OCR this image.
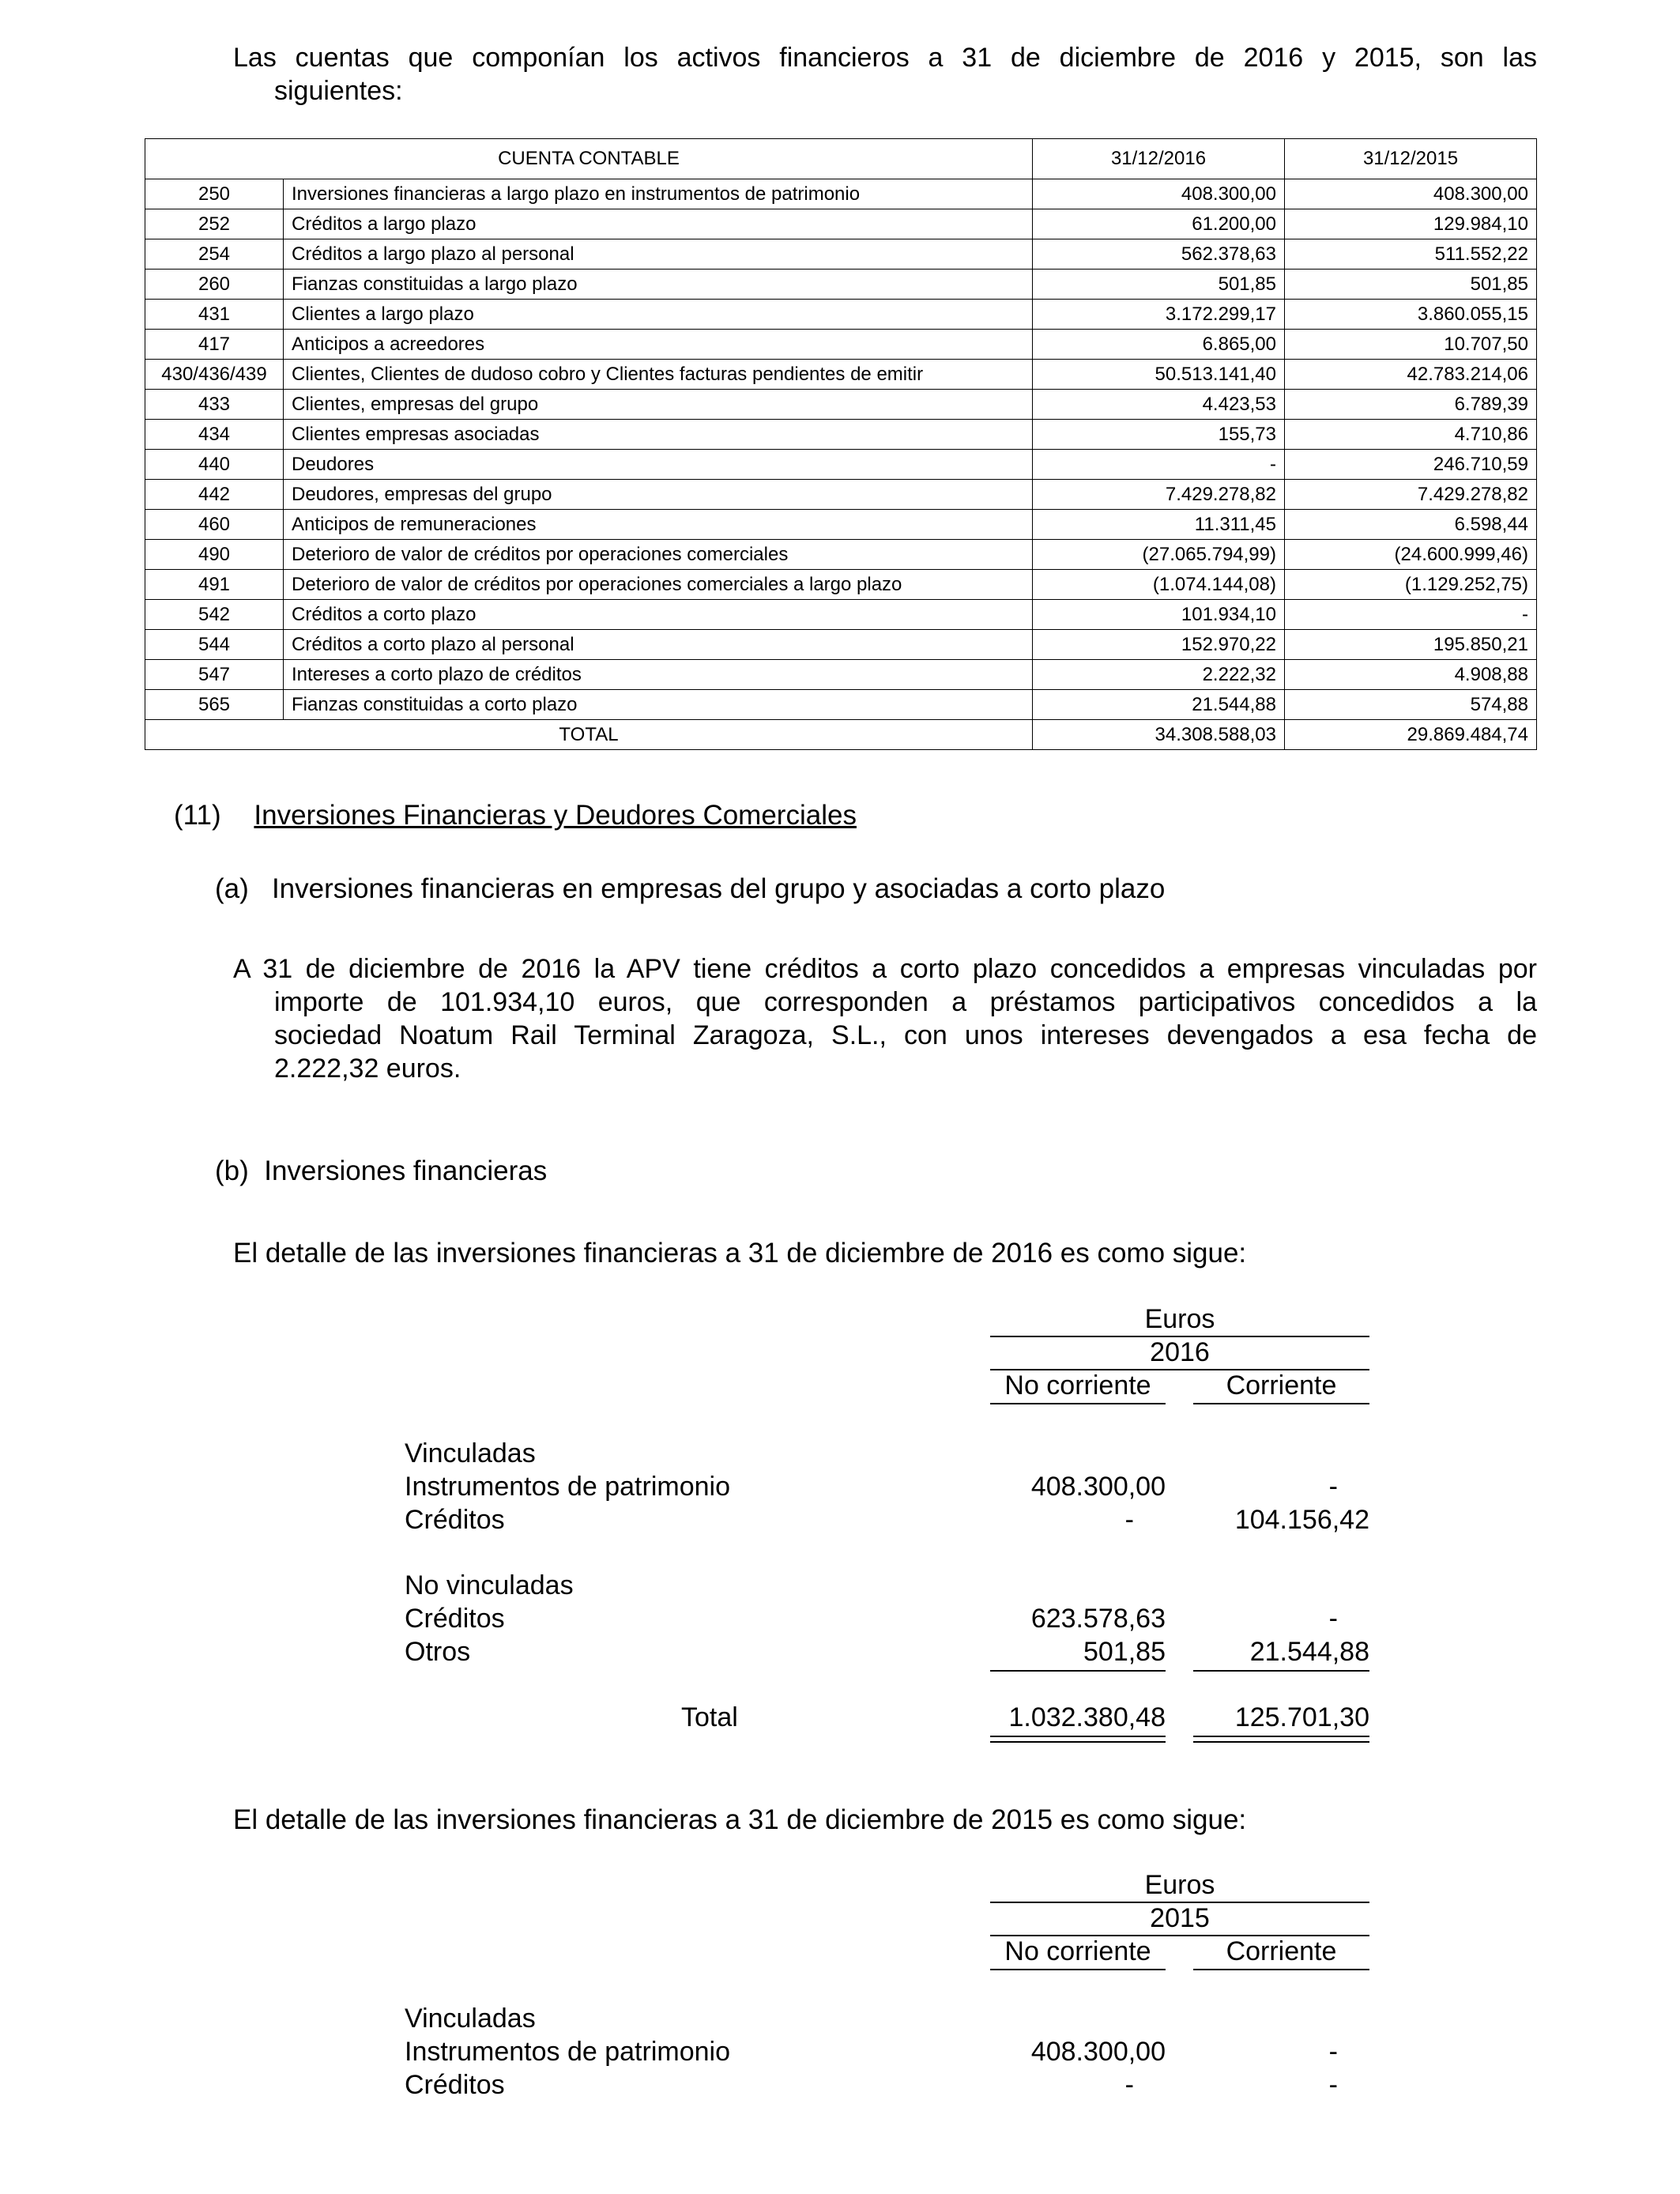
Las cuentas que componían los activos financieros a 31 de diciembre de 2016 y 2015, son las
siguientes:
CUENTA CONTABLE		31/12/2016	31/12/2015
250	Inversiones financieras a largo plazo en instrumentos de patrimonio	408.300,00	408.300,00
252	Créditos a largo plazo	61.200,00	129.984,10
254	Créditos a largo plazo al personal	562.378,63	511.552,22
260	Fianzas constituidas a largo plazo	501,85	501,85
431	Clientes a largo plazo	3.172.299,17	3.860.055,15
417	Anticipos a acreedores	6.865,00	10.707,50
430/436/439	Clientes, Clientes de dudoso cobro y Clientes facturas pendientes de emitir	50.513.141,40	42.783.214,06
433	Clientes, empresas del grupo	4.423,53	6.789,39
434	Clientes empresas asociadas	155,73	4.710,86
440	Deudores	-	246.710,59
442	Deudores, empresas del grupo	7.429.278,82	7.429.278,82
460	Anticipos de remuneraciones	11.311,45	6.598,44
490	Deterioro de valor de créditos por operaciones comerciales	(27.065.794,99)	(24.600.999,46)
491	Deterioro de valor de créditos por operaciones comerciales a largo plazo	(1.074.144,08)	(1.129.252,75)
542	Créditos a corto plazo	101.934,10	-
544	Créditos a corto plazo al personal	152.970,22	195.850,21
547	Intereses a corto plazo de créditos	2.222,32	4.908,88
565	Fianzas constituidas a corto plazo	21.544,88	574,88
TOTAL		34.308.588,03	29.869.484,74
(11) Inversiones Financieras y Deudores Comerciales
(a)   Inversiones financieras en empresas del grupo y asociadas a corto plazo
A 31 de diciembre de 2016 la APV tiene créditos a corto plazo concedidos a empresas vinculadas por
importe de 101.934,10 euros, que corresponden a préstamos participativos concedidos a la
sociedad Noatum Rail Terminal Zaragoza, S.L., con unos intereses devengados a esa fecha de
2.222,32 euros.
(b)  Inversiones financieras
El detalle de las inversiones financieras a 31 de diciembre de 2016 es como sigue:
Euros
2016
No corriente	Corriente
Vinculadas
Instrumentos de patrimonio	408.300,00	-
Créditos	-	104.156,42
No vinculadas
Créditos	623.578,63	-
Otros	501,85	21.544,88
Total	1.032.380,48	125.701,30
El detalle de las inversiones financieras a 31 de diciembre de 2015 es como sigue:
Euros
2015
No corriente	Corriente
Vinculadas
Instrumentos de patrimonio	408.300,00	-
Créditos	-	-
